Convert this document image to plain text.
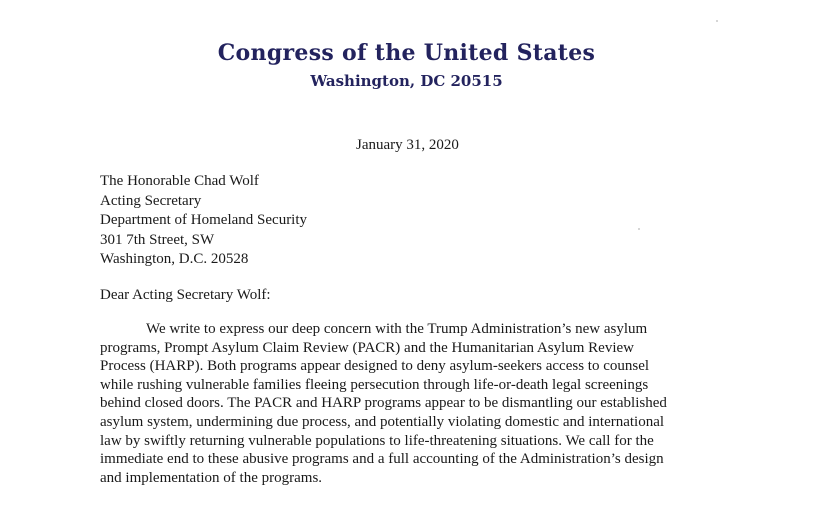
Congress of the United States
Washington, DC 20515
January 31, 2020
The Honorable Chad Wolf
Acting Secretary
Department of Homeland Security
301 7th Street, SW
Washington, D.C. 20528
Dear Acting Secretary Wolf:
We write to express our deep concern with the Trump Administration’s new asylum
programs, Prompt Asylum Claim Review (PACR) and the Humanitarian Asylum Review
Process (HARP). Both programs appear designed to deny asylum-seekers access to counsel
while rushing vulnerable families fleeing persecution through life-or-death legal screenings
behind closed doors. The PACR and HARP programs appear to be dismantling our established
asylum system, undermining due process, and potentially violating domestic and international
law by swiftly returning vulnerable populations to life-threatening situations. We call for the
immediate end to these abusive programs and a full accounting of the Administration’s design
and implementation of the programs.
